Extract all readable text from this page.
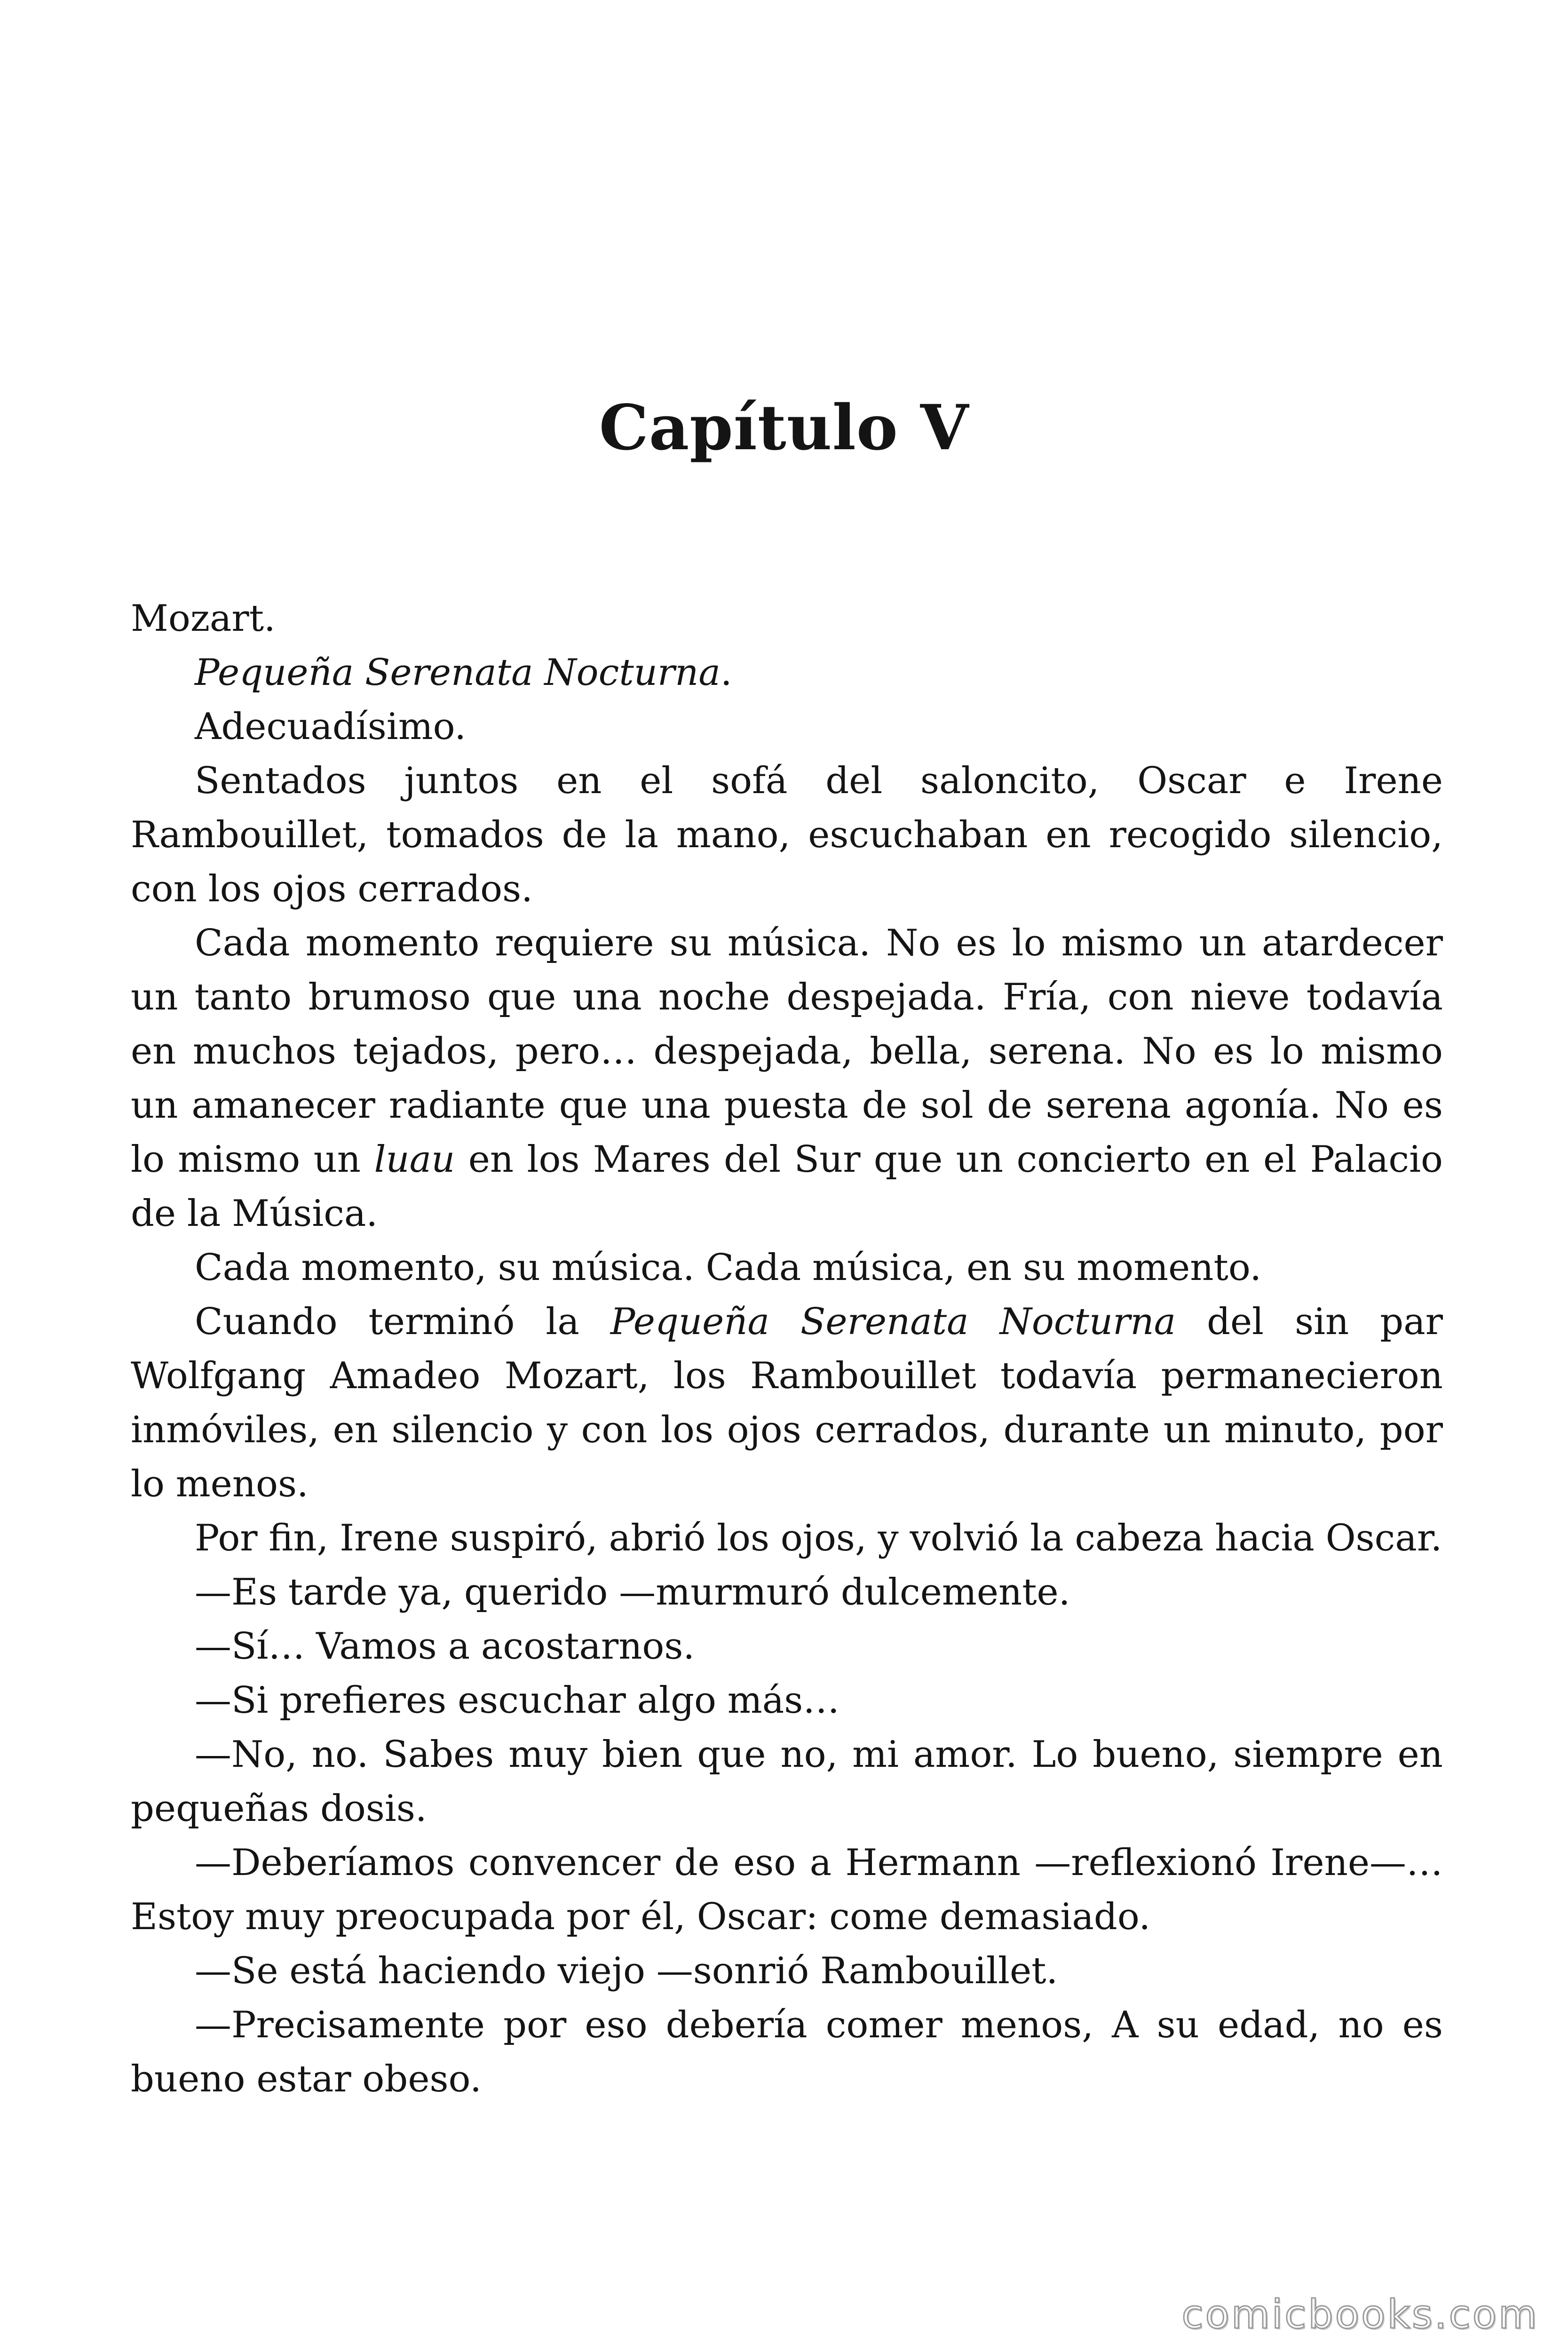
Capítulo V

Mozart.

Pequeña Serenata Nocturna.

Adecuadísimo.

Sentados juntos en el sofá del saloncito, Oscar e Irene Rambouillet, tomados de la mano, escuchaban en recogido silencio, con los ojos cerrados.

Cada momento requiere su música. No es lo mismo un atardecer un tanto brumoso que una noche despejada. Fría, con nieve todavía en muchos tejados, pero… despejada, bella, serena. No es lo mismo un amanecer radiante que una puesta de sol de serena agonía. No es lo mismo un luau en los Mares del Sur que un concierto en el Palacio de la Música.

Cada momento, su música. Cada música, en su momento.

Cuando terminó la Pequeña Serenata Nocturna del sin par Wolfgang Amadeo Mozart, los Rambouillet todavía permanecieron inmóviles, en silencio y con los ojos cerrados, durante un minuto, por lo menos.

Por fin, Irene suspiró, abrió los ojos, y volvió la cabeza hacia Oscar.

—Es tarde ya, querido —murmuró dulcemente.

—Sí… Vamos a acostarnos.

—Si prefieres escuchar algo más…

—No, no. Sabes muy bien que no, mi amor. Lo bueno, siempre en pequeñas dosis.

—Deberíamos convencer de eso a Hermann —reflexionó Irene—… Estoy muy preocupada por él, Oscar: come demasiado.

—Se está haciendo viejo —sonrió Rambouillet.

—Precisamente por eso debería comer menos, A su edad, no es bueno estar obeso.

comicbooks.com
